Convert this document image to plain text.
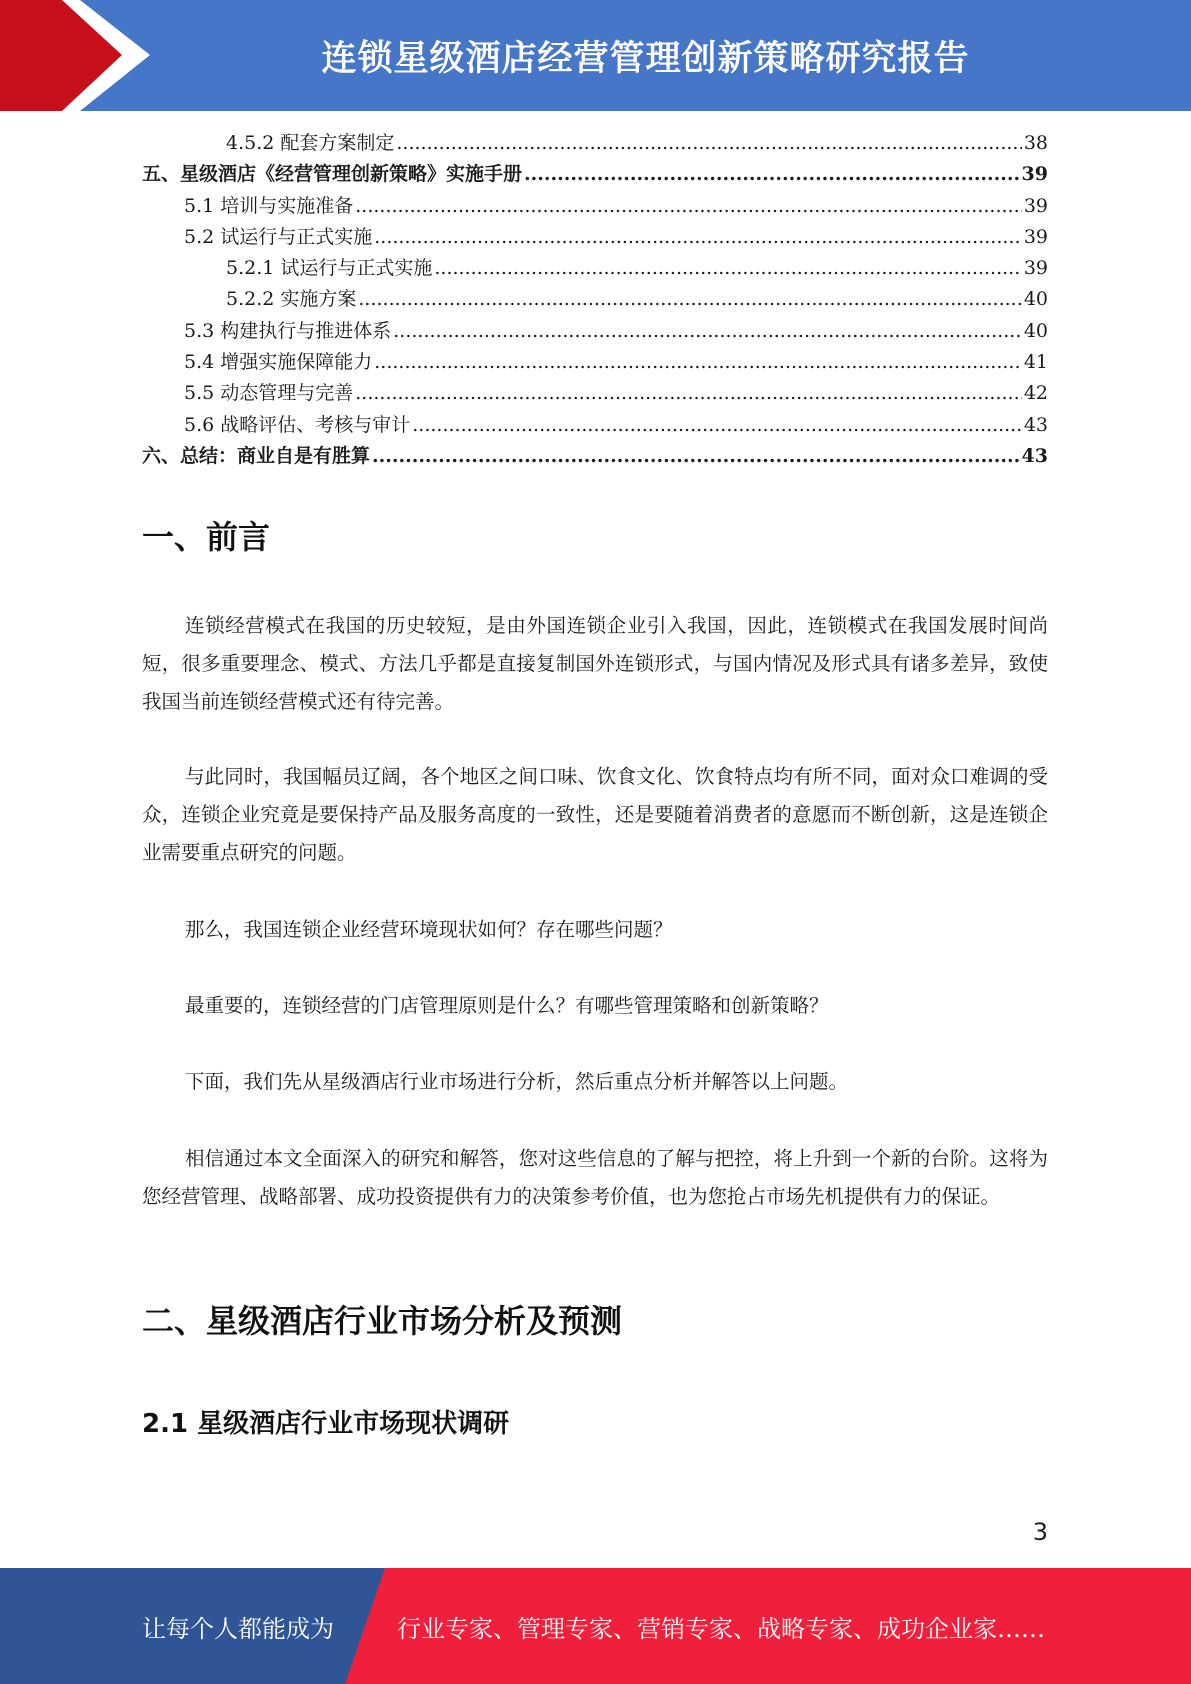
连锁星级酒店经营管理创新策略研究报告
4.5.2 配套方案制定 .....	38
五、星级酒店《经营管理创新策略》实施手册 .....	39
5.1 培训与实施准备 .....	39
5.2 试运行与正式实施 .....	39
5.2.1 试运行与正式实施 .....	39
5.2.2 实施方案 .....	40
5.3 构建执行与推进体系 .....	40
5.4 增强实施保障能力 .....	41
5.5 动态管理与完善 .....	42
5.6 战略评估、考核与审计 .....	43
六、总结：商业自是有胜算 .....	43
一、前言

连锁经营模式在我国的历史较短，是由外国连锁企业引入我国，因此，连锁模式在我国发展时间尚短，很多重要理念、模式、方法几乎都是直接复制国外连锁形式，与国内情况及形式具有诸多差异，致使我国当前连锁经营模式还有待完善。

与此同时，我国幅员辽阔，各个地区之间口味、饮食文化、饮食特点均有所不同，面对众口难调的受众，连锁企业究竟是要保持产品及服务高度的一致性，还是要随着消费者的意愿而不断创新，这是连锁企业需要重点研究的问题。

那么，我国连锁企业经营环境现状如何？存在哪些问题？

最重要的，连锁经营的门店管理原则是什么？有哪些管理策略和创新策略？

下面，我们先从星级酒店行业市场进行分析，然后重点分析并解答以上问题。

相信通过本文全面深入的研究和解答，您对这些信息的了解与把控，将上升到一个新的台阶。这将为您经营管理、战略部署、成功投资提供有力的决策参考价值，也为您抢占市场先机提供有力的保证。

二、星级酒店行业市场分析及预测
2.1 星级酒店行业市场现状调研
3
让每个人都能成为	行业专家、管理专家、营销专家、战略专家、成功企业家……
